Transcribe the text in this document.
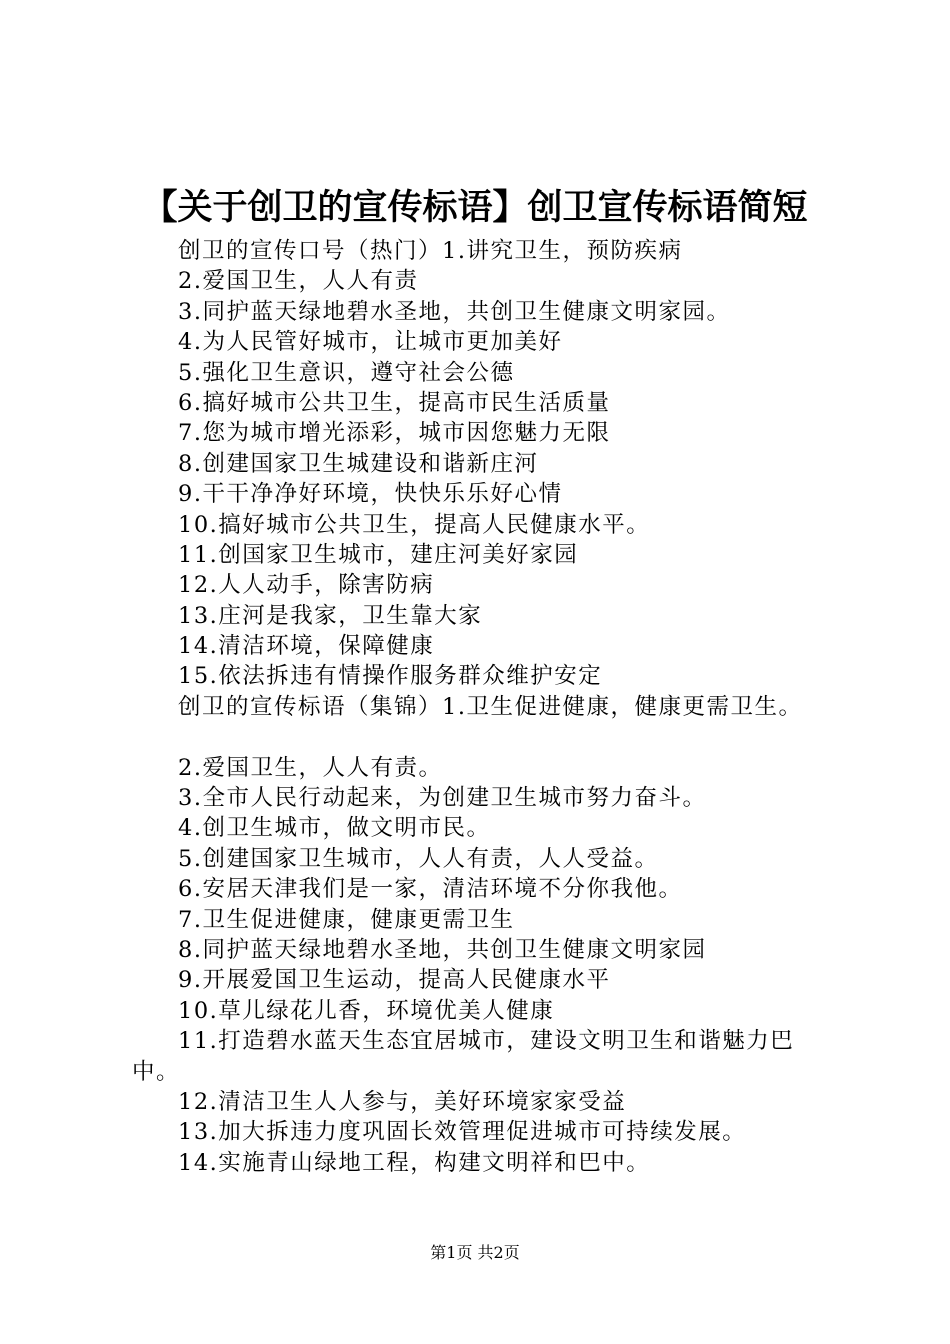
【关于创卫的宣传标语】创卫宣传标语简短
创卫的宣传口号（热门）1.讲究卫生，预防疾病
2.爱国卫生，人人有责
3.同护蓝天绿地碧水圣地，共创卫生健康文明家园。
4.为人民管好城市，让城市更加美好
5.强化卫生意识，遵守社会公德
6.搞好城市公共卫生，提高市民生活质量
7.您为城市增光添彩，城市因您魅力无限
8.创建国家卫生城建设和谐新庄河
9.干干净净好环境，快快乐乐好心情
10.搞好城市公共卫生，提高人民健康水平。
11.创国家卫生城市，建庄河美好家园
12.人人动手，除害防病
13.庄河是我家，卫生靠大家
14.清洁环境，保障健康
15.依法拆违有情操作服务群众维护安定
创卫的宣传标语（集锦）1.卫生促进健康，健康更需卫生。
2.爱国卫生，人人有责。
3.全市人民行动起来，为创建卫生城市努力奋斗。
4.创卫生城市，做文明市民。
5.创建国家卫生城市，人人有责，人人受益。
6.安居天津我们是一家，清洁环境不分你我他。
7.卫生促进健康，健康更需卫生
8.同护蓝天绿地碧水圣地，共创卫生健康文明家园
9.开展爱国卫生运动，提高人民健康水平
10.草儿绿花儿香，环境优美人健康
11.打造碧水蓝天生态宜居城市，建设文明卫生和谐魅力巴
中。
12.清洁卫生人人参与，美好环境家家受益
13.加大拆违力度巩固长效管理促进城市可持续发展。
14.实施青山绿地工程，构建文明祥和巴中。
第1页 共2页
